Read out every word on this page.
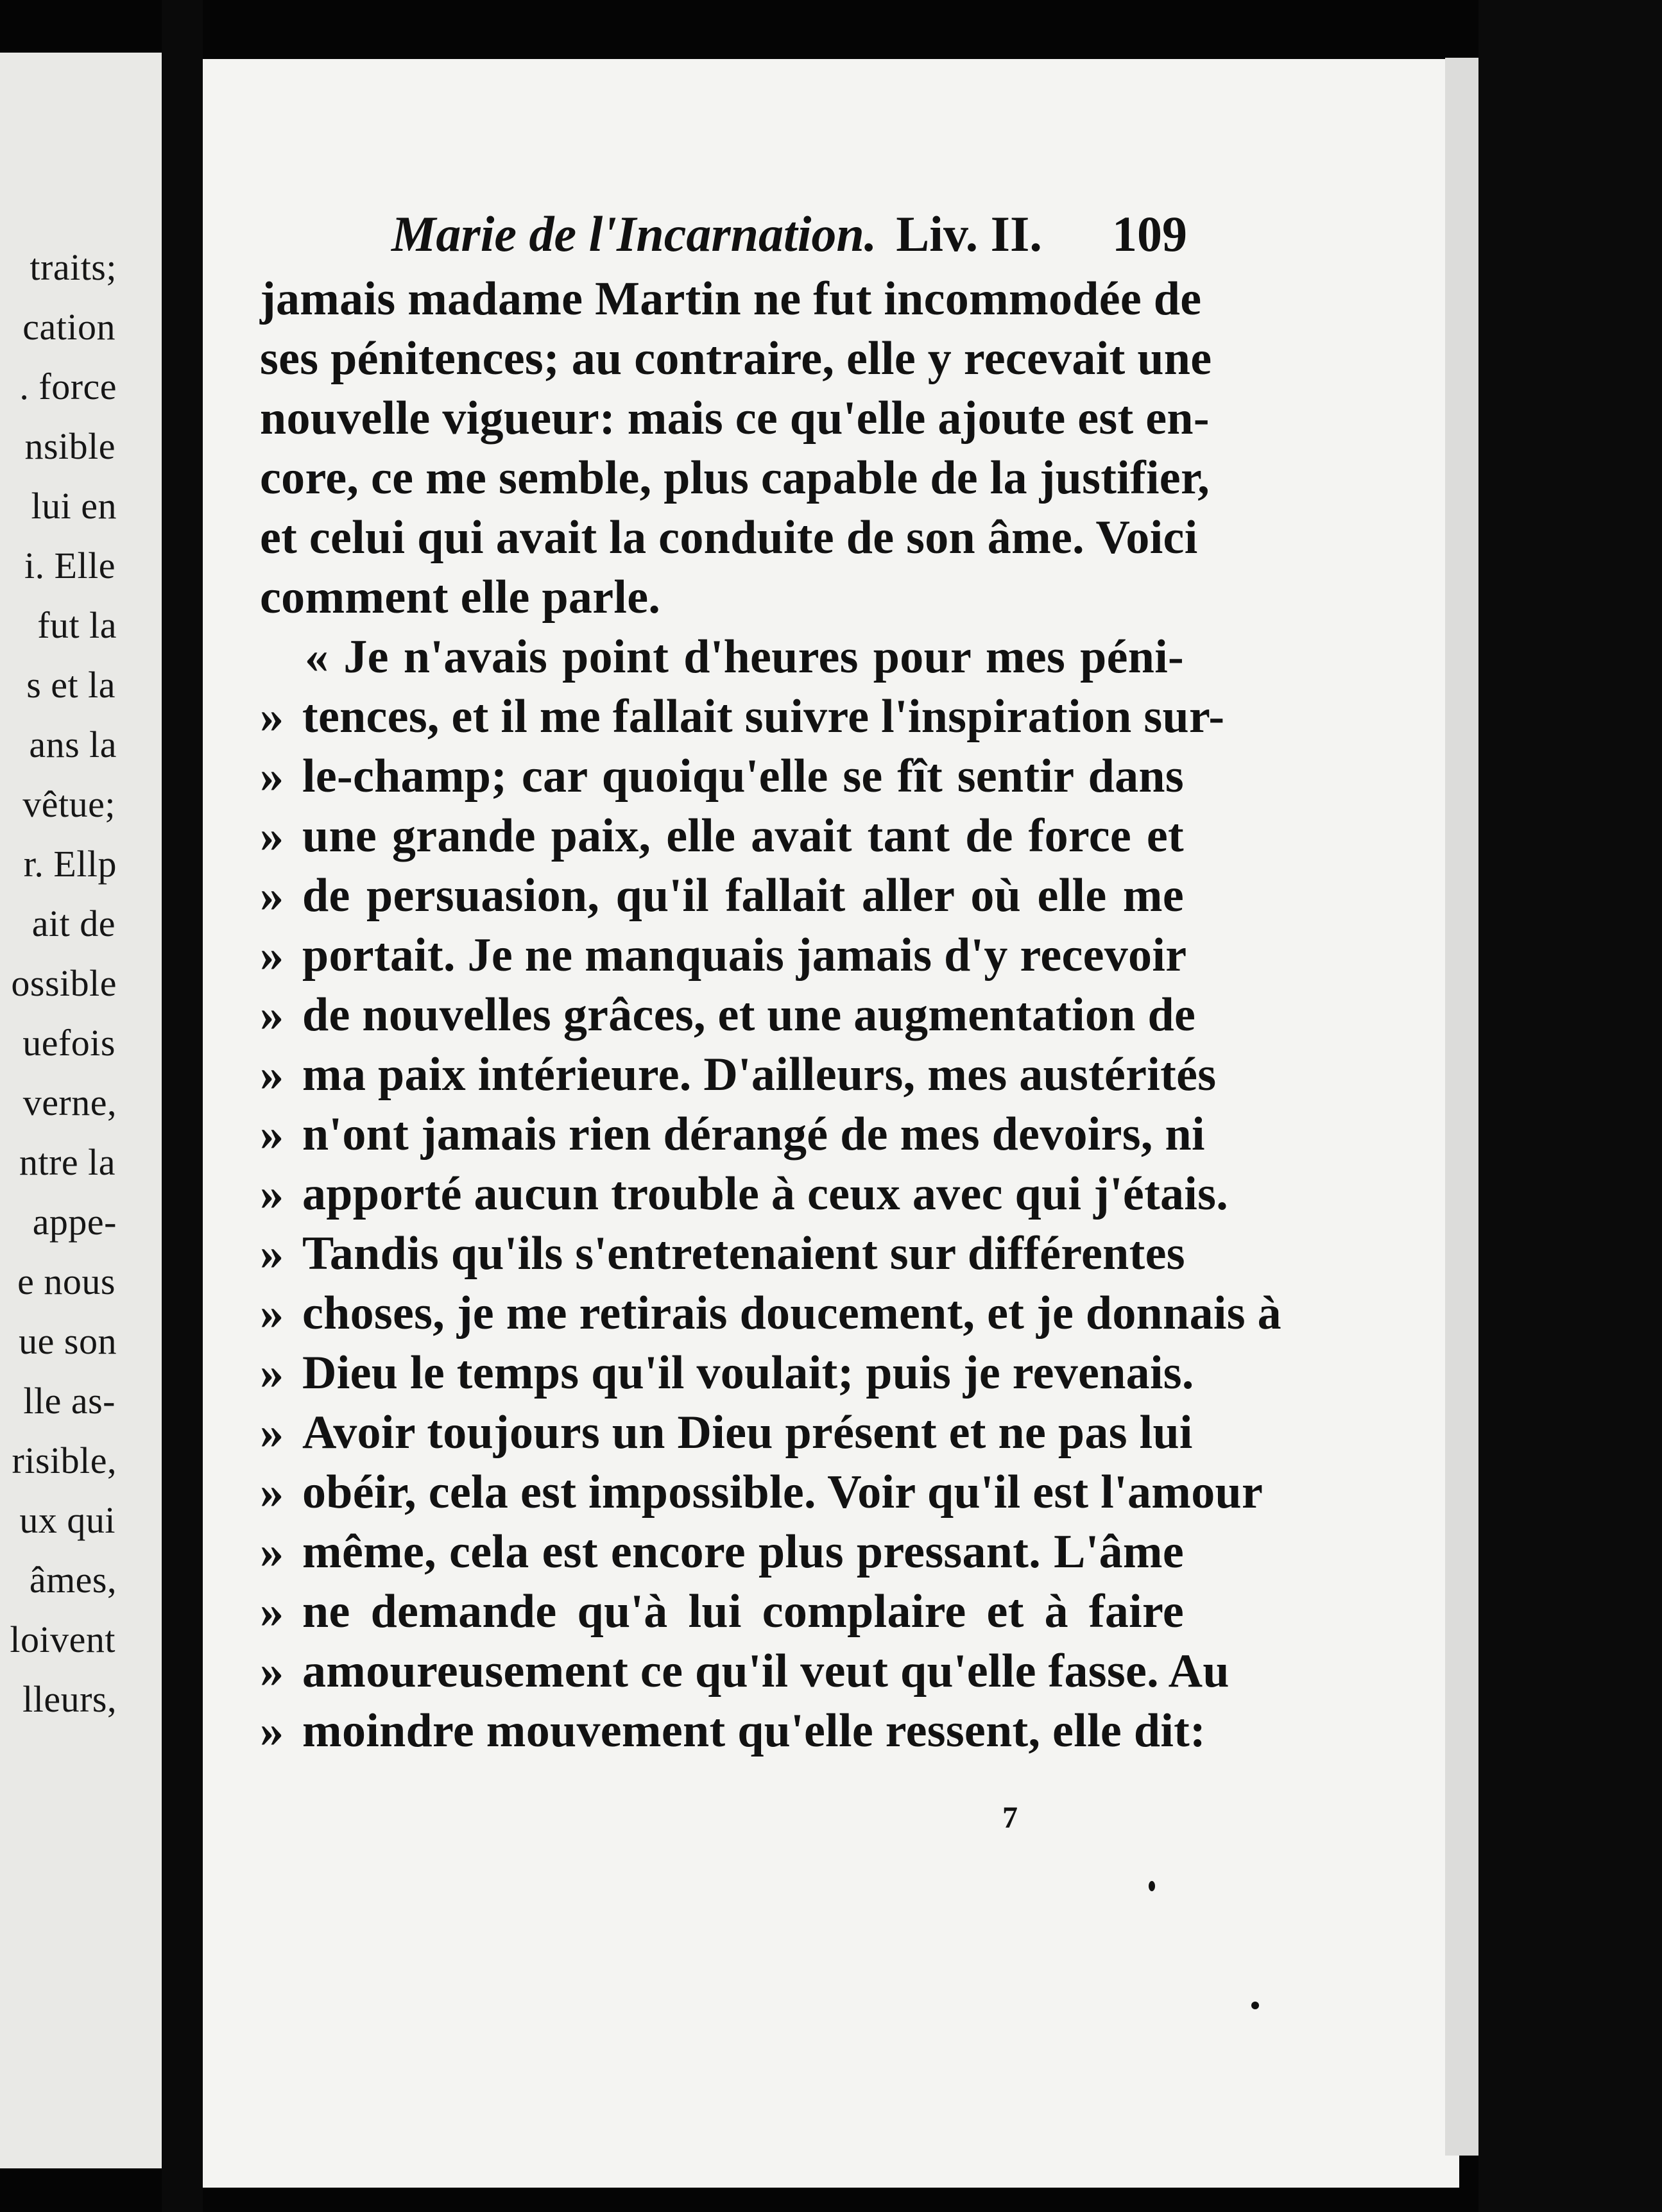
traits;
cation
. force
nsible
lui en
i. Elle
fut la
s et la
ans la
vêtue;
r. Ellp
ait de
ossible
uefois
verne,
ntre la
appe-
e nous
ue son
lle as-
risible,
ux qui
âmes,
loivent
lleurs,
Marie de l'Incarnation. Liv. II. 109
jamais madame Martin ne fut incommodée de
ses pénitences; au contraire, elle y recevait une
nouvelle vigueur: mais ce qu'elle ajoute est en-
core, ce me semble, plus capable de la justifier,
et celui qui avait la conduite de son âme. Voici
comment elle parle.
« Je n'avais point d'heures pour mes péni-
» tences, et il me fallait suivre l'inspiration sur-
» le-champ; car quoiqu'elle se fît sentir dans
» une grande paix, elle avait tant de force et
» de persuasion, qu'il fallait aller où elle me
» portait. Je ne manquais jamais d'y recevoir
» de nouvelles grâces, et une augmentation de
» ma paix intérieure. D'ailleurs, mes austérités
» n'ont jamais rien dérangé de mes devoirs, ni
» apporté aucun trouble à ceux avec qui j'étais.
» Tandis qu'ils s'entretenaient sur différentes
» choses, je me retirais doucement, et je donnais à
» Dieu le temps qu'il voulait; puis je revenais.
» Avoir toujours un Dieu présent et ne pas lui
» obéir, cela est impossible. Voir qu'il est l'amour
» même, cela est encore plus pressant. L'âme
» ne demande qu'à lui complaire et à faire
» amoureusement ce qu'il veut qu'elle fasse. Au
» moindre mouvement qu'elle ressent, elle dit:
7
